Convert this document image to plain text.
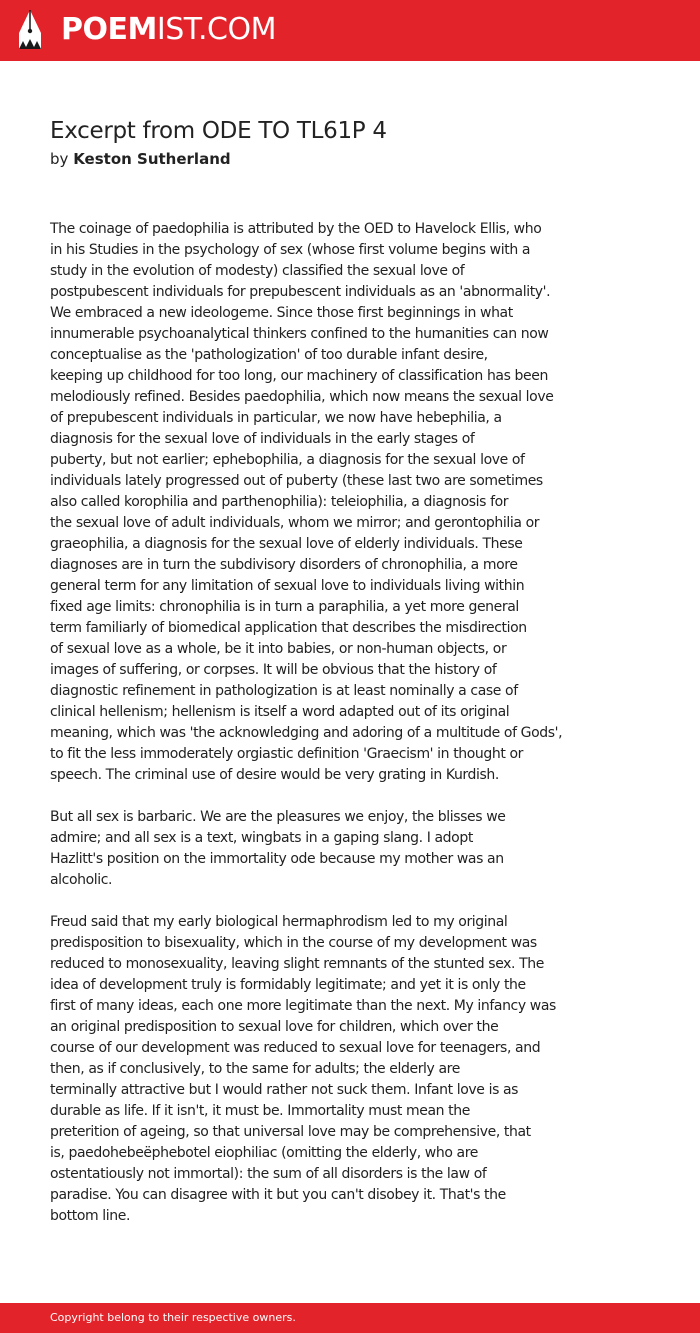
POEMIST.COM
Excerpt from ODE TO TL61P 4
by Keston Sutherland

The coinage of paedophilia is attributed by the OED to Havelock Ellis, who
in his Studies in the psychology of sex (whose first volume begins with a
study in the evolution of modesty) classified the sexual love of
postpubescent individuals for prepubescent individuals as an 'abnormality'.
We embraced a new ideologeme. Since those first beginnings in what
innumerable psychoanalytical thinkers confined to the humanities can now
conceptualise as the 'pathologization' of too durable infant desire,
keeping up childhood for too long, our machinery of classification has been
melodiously refined. Besides paedophilia, which now means the sexual love
of prepubescent individuals in particular, we now have hebephilia, a
diagnosis for the sexual love of individuals in the early stages of
puberty, but not earlier; ephebophilia, a diagnosis for the sexual love of
individuals lately progressed out of puberty (these last two are sometimes
also called korophilia and parthenophilia): teleiophilia, a diagnosis for
the sexual love of adult individuals, whom we mirror; and gerontophilia or
graeophilia, a diagnosis for the sexual love of elderly individuals. These
diagnoses are in turn the subdivisory disorders of chronophilia, a more
general term for any limitation of sexual love to individuals living within
fixed age limits: chronophilia is in turn a paraphilia, a yet more general
term familiarly of biomedical application that describes the misdirection
of sexual love as a whole, be it into babies, or non-human objects, or
images of suffering, or corpses. It will be obvious that the history of
diagnostic refinement in pathologization is at least nominally a case of
clinical hellenism; hellenism is itself a word adapted out of its original
meaning, which was 'the acknowledging and adoring of a multitude of Gods',
to fit the less immoderately orgiastic definition 'Graecism' in thought or
speech. The criminal use of desire would be very grating in Kurdish.

But all sex is barbaric. We are the pleasures we enjoy, the blisses we
admire; and all sex is a text, wingbats in a gaping slang. I adopt
Hazlitt's position on the immortality ode because my mother was an
alcoholic.

Freud said that my early biological hermaphrodism led to my original
predisposition to bisexuality, which in the course of my development was
reduced to monosexuality, leaving slight remnants of the stunted sex. The
idea of development truly is formidably legitimate; and yet it is only the
first of many ideas, each one more legitimate than the next. My infancy was
an original predisposition to sexual love for children, which over the
course of our development was reduced to sexual love for teenagers, and
then, as if conclusively, to the same for adults; the elderly are
terminally attractive but I would rather not suck them. Infant love is as
durable as life. If it isn't, it must be. Immortality must mean the
preterition of ageing, so that universal love may be comprehensive, that
is, paedohebeëphebotel eiophiliac (omitting the elderly, who are
ostentatiously not immortal): the sum of all disorders is the law of
paradise. You can disagree with it but you can't disobey it. That's the
bottom line.

Copyright belong to their respective owners.
